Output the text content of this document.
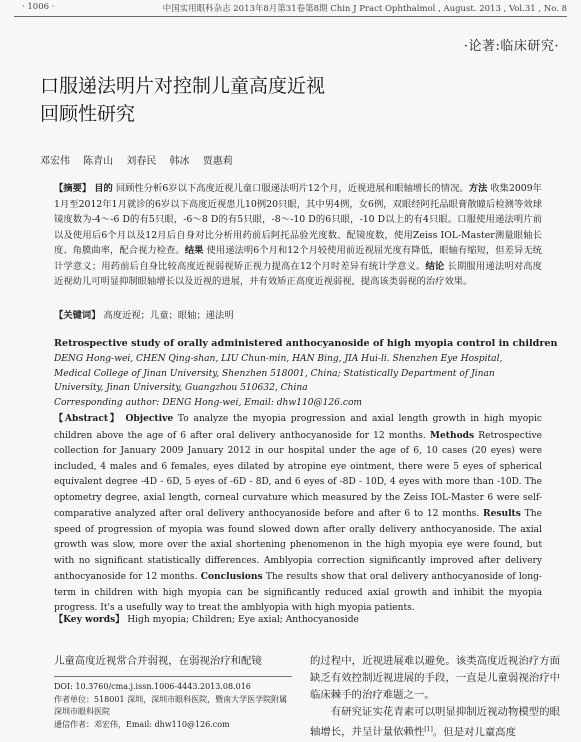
· 1006 ·	中国实用眼科杂志 2013年8月第31卷第8期 Chin J Pract Ophthalmol , August. 2013 , Vol.31 , No. 8
·论著:临床研究·
口服递法明片对控制儿童高度近视
回顾性研究
邓宏伟 陈青山 刘春民 韩冰 贾惠莉
【摘要】 目的 回顾性分析6岁以下高度近视儿童口服递法明片12个月，近视进展和眼轴增长的情况。方法 收集2009年1月至2012年1月就诊的6岁以下高度近视患儿10例20只眼，其中男4例，女6例，双眼经阿托品眼膏散瞳后检测等效球镜度数为-4～-6 D的有5只眼，-6～8 D的有5只眼，-8～-10 D的6只眼，-10 D以上的有4只眼。口服使用递法明片前以及使用后6个月以及12月后自身对比分析用药前后阿托品验光度数、配镜度数，使用Zeiss IOL-Master测量眼轴长度、角膜曲率，配合视力检查。结果 使用递法明6个月和12个月较使用前近视屈光度有降低，眼轴有缩短，但差异无统计学意义；用药前后自身比较高度近视弱视矫正视力提高在12个月时差异有统计学意义。结论 长期服用递法明对高度近视幼儿可明显抑制眼轴增长以及近视的进展，并有效矫正高度近视弱视，提高该类弱视的治疗效果。
【关键词】 高度近视；儿童；眼轴；递法明
Retrospective study of orally administered anthocyanoside of high myopia control in children
DENG Hong-wei, CHEN Qing-shan, LIU Chun-min, HAN Bing, JIA Hui-li. Shenzhen Eye Hospital, Medical College of Jinan University, Shenzhen 518001, China; Statistically Department of Jinan University, Jinan University, Guangzhou 510632, China
Corresponding author: DENG Hong-wei, Email: dhw110@126.com
【Abstract】 Objective To analyze the myopia progression and axial length growth in high myopic children above the age of 6 after oral delivery anthocyanoside for 12 months. Methods Retrospective collection for January 2009 January 2012 in our hospital under the age of 6, 10 cases (20 eyes) were included, 4 males and 6 females, eyes dilated by atropine eye ointment, there were 5 eyes of spherical equivalent degree -4D - 6D, 5 eyes of -6D - 8D, and 6 eyes of -8D - 10D, 4 eyes with more than -10D. The optometry degree, axial length, corneal curvature which measured by the Zeiss IOL-Master 6 were self-comparative analyzed after oral delivery anthocyanoside before and after 6 to 12 months. Results The speed of progression of myopia was found slowed down after orally delivery anthocyanoside. The axial growth was slow, more over the axial shortening phenomenon in the high myopia eye were found, but with no significant statistically differences. Amblyopia correction significantly improved after delivery anthocyanoside for 12 months. Conclusions The results show that oral delivery anthocyanoside of long-term in children with high myopia can be significantly reduced axial growth and inhibit the myopia progress. It's a usefully way to treat the amblyopia with high myopia patients.
【Key words】 High myopia; Children; Eye axial; Anthocyanoside
儿童高度近视常合并弱视，在弱视治疗和配镜
DOI: 10.3760/cma.j.issn.1006-4443.2013.08.016
作者单位：518001 深圳，深圳市眼科医院，暨南大学医学院附属深圳市眼科医院
通信作者：邓宏伟，Email: dhw110@126.com
的过程中，近视进展难以避免。该类高度近视治疗方面缺乏有效控制近视进展的手段，一直是儿童弱视治疗中临床棘手的治疗难题之一。
有研究证实花青素可以明显抑制近视动物模型的眼轴增长，并呈计量依赖性[1]。但是对儿童高度
